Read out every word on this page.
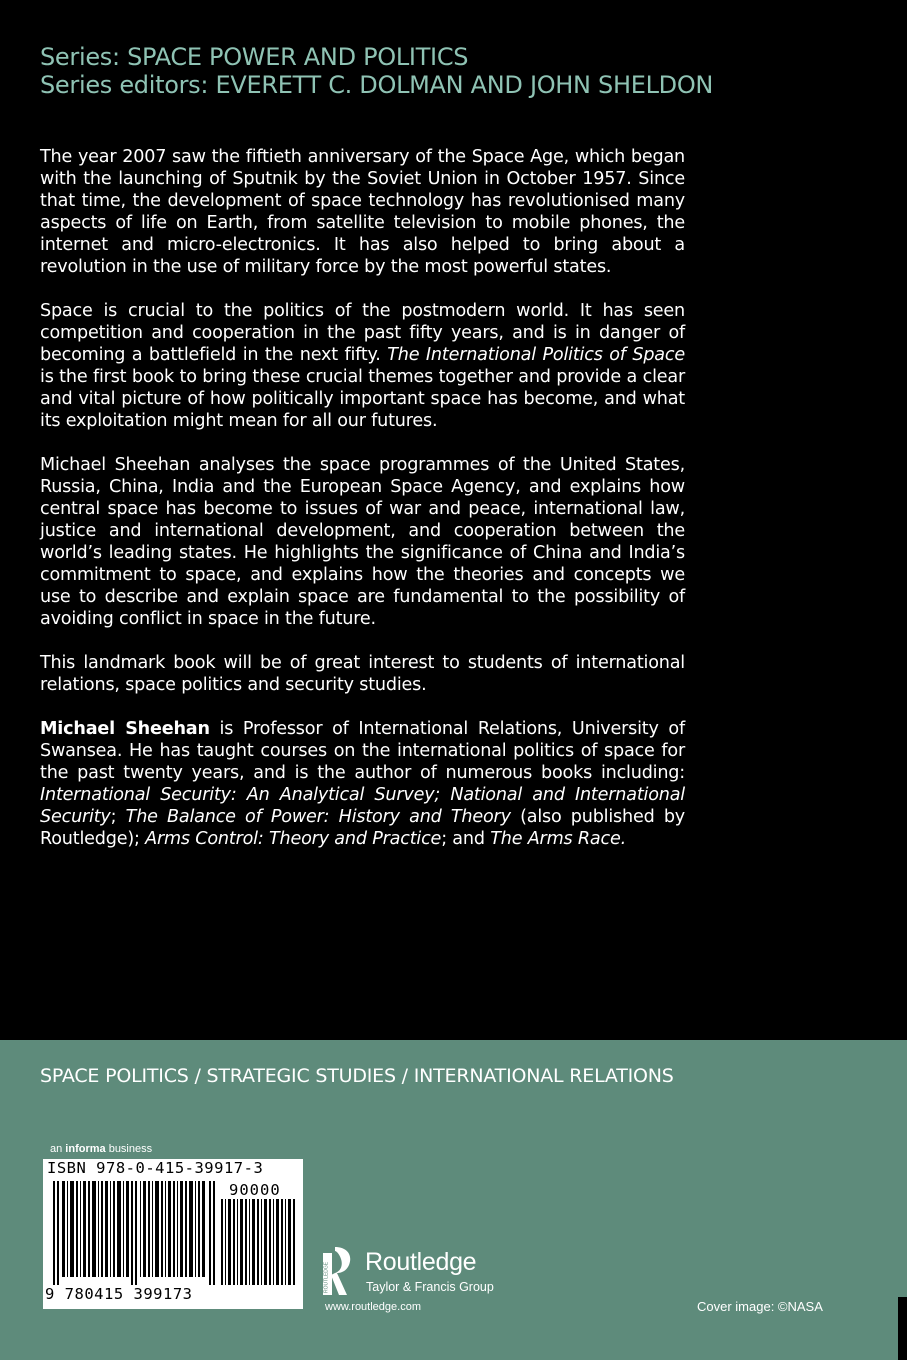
Series: SPACE POWER AND POLITICS
Series editors: EVERETT C. DOLMAN AND JOHN SHELDON

The year 2007 saw the fiftieth anniversary of the Space Age, which began with the launching of Sputnik by the Soviet Union in October 1957. Since that time, the development of space technology has revolutionised many aspects of life on Earth, from satellite television to mobile phones, the internet and micro-electronics. It has also helped to bring about a revolution in the use of military force by the most powerful states.

Space is crucial to the politics of the postmodern world. It has seen competition and cooperation in the past fifty years, and is in danger of becoming a battlefield in the next fifty. The International Politics of Space is the first book to bring these crucial themes together and provide a clear and vital picture of how politically important space has become, and what its exploitation might mean for all our futures.

Michael Sheehan analyses the space programmes of the United States, Russia, China, India and the European Space Agency, and explains how central space has become to issues of war and peace, international law, justice and international development, and cooperation between the world’s leading states. He highlights the significance of China and India’s commitment to space, and explains how the theories and concepts we use to describe and explain space are fundamental to the possibility of avoiding conflict in space in the future.

This landmark book will be of great interest to students of international relations, space politics and security studies.

Michael Sheehan is Professor of International Relations, University of Swansea. He has taught courses on the international politics of space for the past twenty years, and is the author of numerous books including: International Security: An Analytical Survey; National and International Security; The Balance of Power: History and Theory (also published by Routledge); Arms Control: Theory and Practice; and The Arms Race.

SPACE POLITICS / STRATEGIC STUDIES / INTERNATIONAL RELATIONS
an informa business
ISBN 978-0-415-39917-3
90000
9 780415 399173
ROUTLEDGE Routledge
Taylor & Francis Group
www.routledge.com	Cover image: ©NASA
